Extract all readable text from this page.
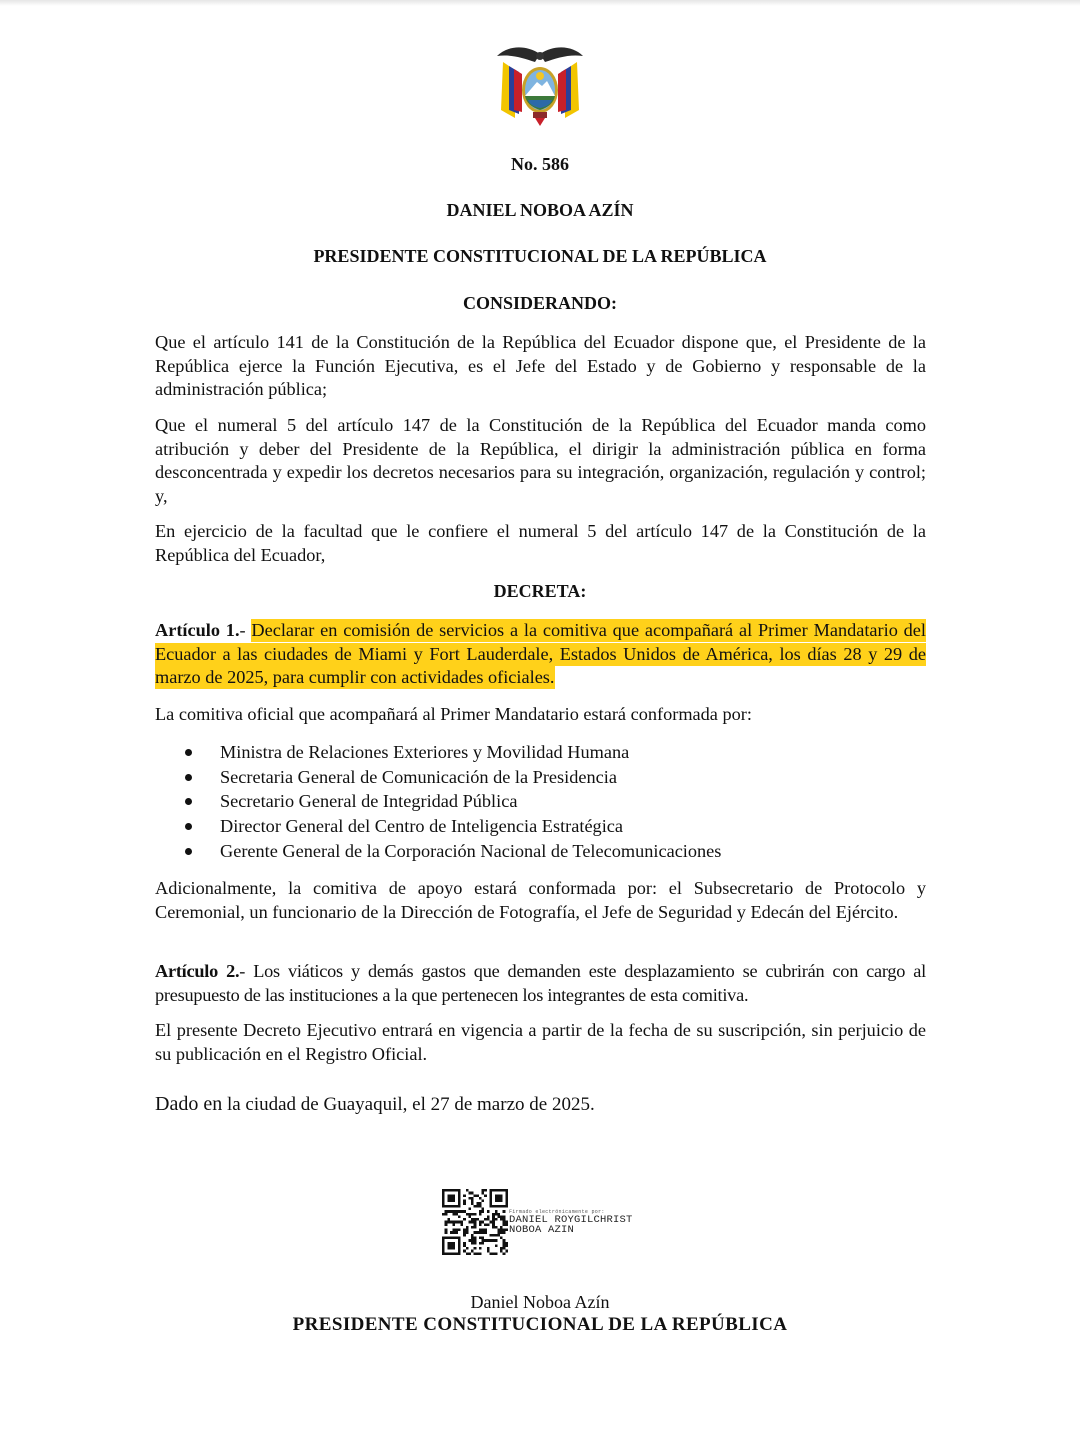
No. 586
DANIEL NOBOA AZÍN
PRESIDENTE CONSTITUCIONAL DE LA REPÚBLICA
CONSIDERANDO:

Que el artículo 141 de la Constitución de la República del Ecuador dispone que, el Presidente de la República ejerce la Función Ejecutiva, es el Jefe del Estado y de Gobierno y responsable de la administración pública;

Que el numeral 5 del artículo 147 de la Constitución de la República del Ecuador manda como atribución y deber del Presidente de la República, el dirigir la administración pública en forma desconcentrada y expedir los decretos necesarios para su integración, organización, regulación y control; y,

En ejercicio de la facultad que le confiere el numeral 5 del artículo 147 de la Constitución de la República del Ecuador,

DECRETA:

Artículo 1.- Declarar en comisión de servicios a la comitiva que acompañará al Primer Mandatario del Ecuador a las ciudades de Miami y Fort Lauderdale, Estados Unidos de América, los días 28 y 29 de marzo de 2025, para cumplir con actividades oficiales.

La comitiva oficial que acompañará al Primer Mandatario estará conformada por:

Ministra de Relaciones Exteriores y Movilidad Humana
Secretaria General de Comunicación de la Presidencia
Secretario General de Integridad Pública
Director General del Centro de Inteligencia Estratégica
Gerente General de la Corporación Nacional de Telecomunicaciones

Adicionalmente, la comitiva de apoyo estará conformada por: el Subsecretario de Protocolo y Ceremonial, un funcionario de la Dirección de Fotografía, el Jefe de Seguridad y Edecán del Ejército.

Artículo 2.- Los viáticos y demás gastos que demanden este desplazamiento se cubrirán con cargo al presupuesto de las instituciones a la que pertenecen los integrantes de esta comitiva.

El presente Decreto Ejecutivo entrará en vigencia a partir de la fecha de su suscripción, sin perjuicio de su publicación en el Registro Oficial.

Dado en la ciudad de Guayaquil, el 27 de marzo de 2025.

Firmado electrónicamente por:
DANIEL ROYGILCHRIST
NOBOA AZIN
Daniel Noboa Azín
PRESIDENTE CONSTITUCIONAL DE LA REPÚBLICA
